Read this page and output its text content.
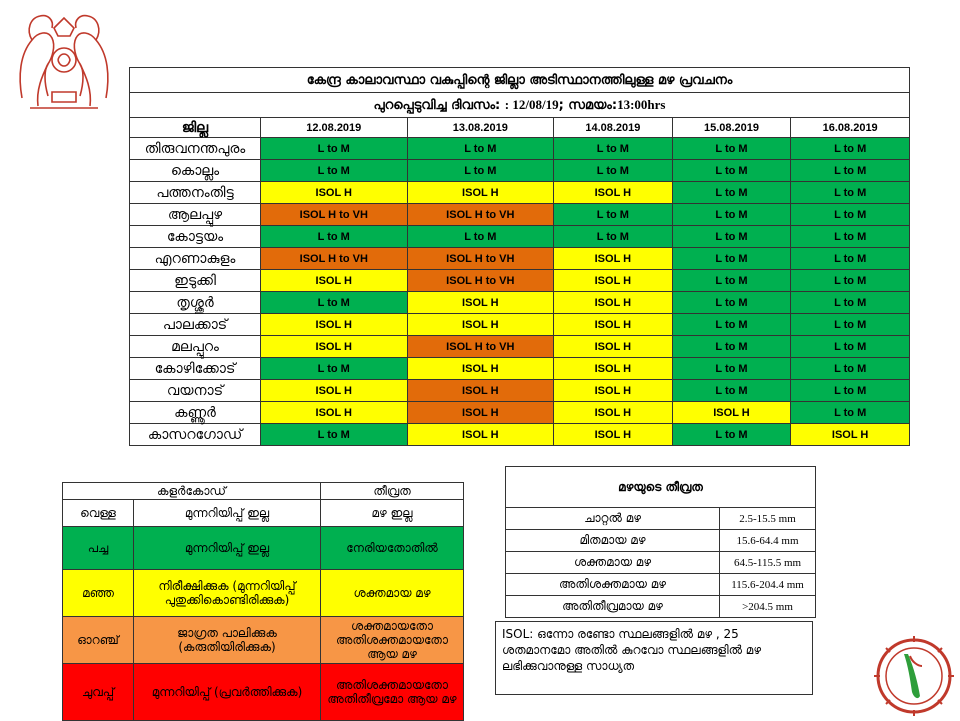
കേന്ദ്ര കാലാവസ്ഥാ വകുപ്പിന്റെ ജില്ലാ അടിസ്ഥാനത്തിലുള്ള മഴ പ്രവചനം					
പുറപ്പെടുവിച്ച ദിവസം: : 12/08/19; സമയം:13:00hrs					
ജില്ല	12.08.2019	13.08.2019	14.08.2019	15.08.2019	16.08.2019
തിരുവനന്തപുരം	L to M	L to M	L to M	L to M	L to M
കൊല്ലം	L to M	L to M	L to M	L to M	L to M
പത്തനംതിട്ട	ISOL H	ISOL H	ISOL H	L to M	L to M
ആലപ്പുഴ	ISOL H to VH	ISOL H to VH	L to M	L to M	L to M
കോട്ടയം	L to M	L to M	L to M	L to M	L to M
എറണാകുളം	ISOL H to VH	ISOL H to VH	ISOL H	L to M	L to M
ഇടുക്കി	ISOL H	ISOL H to VH	ISOL H	L to M	L to M
തൃശ്ശൂർ	L to M	ISOL H	ISOL H	L to M	L to M
പാലക്കാട്	ISOL H	ISOL H	ISOL H	L to M	L to M
മലപ്പുറം	ISOL H	ISOL H to VH	ISOL H	L to M	L to M
കോഴിക്കോട്	L to M	ISOL H	ISOL H	L to M	L to M
വയനാട്	ISOL H	ISOL H	ISOL H	L to M	L to M
കണ്ണൂർ	ISOL H	ISOL H	ISOL H	ISOL H	L to M
കാസറഗോഡ്	L to M	ISOL H	ISOL H	L to M	ISOL H
കളർകോഡ്		തീവ്രത
വെള്ള	മുന്നറിയിപ്പ് ഇല്ല	മഴ ഇല്ല
പച്ച	മുന്നറിയിപ്പ് ഇല്ല	നേരിയതോതിൽ
മഞ്ഞ	നിരീക്ഷിക്കുക (മുന്നറിയിപ്പ് പുതുക്കികൊണ്ടിരിക്കുക)	ശക്തമായ മഴ
ഓറഞ്ച്	ജാഗ്രത പാലിക്കുക (കരുതിയിരിക്കുക)	ശക്തമായതോ അതിശക്തമായതോ ആയ മഴ
ചുവപ്പ്	മുന്നറിയിപ്പ് (പ്രവർത്തിക്കുക)	അതിശക്തമായതോ അതിതീവ്രമോ ആയ മഴ
മഴയുടെ തീവ്രത	
ചാറ്റൽ മഴ	2.5-15.5 mm
മിതമായ മഴ	15.6-64.4 mm
ശക്തമായ മഴ	64.5-115.5 mm
അതിശക്തമായ മഴ	115.6-204.4 mm
അതിതീവ്രമായ മഴ	>204.5 mm
ISOL: ഒന്നോ രണ്ടോ സ്ഥലങ്ങളിൽ മഴ , 25 ശതമാനമോ അതിൽ കുറവോ സ്ഥലങ്ങളിൽ മഴ ലഭിക്കുവാനുള്ള സാധ്യത
